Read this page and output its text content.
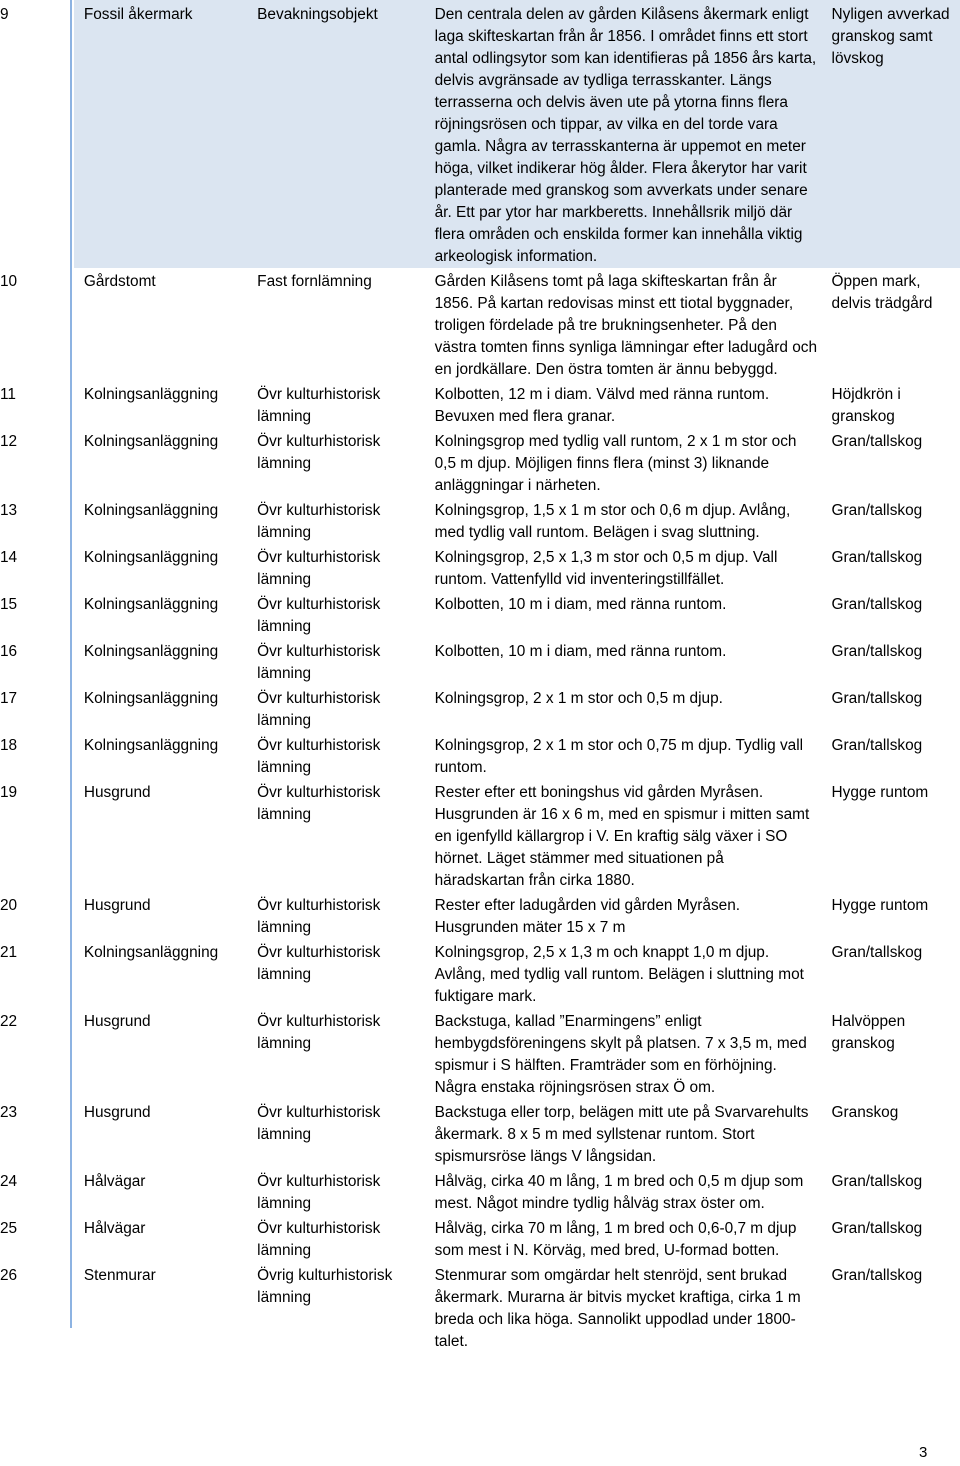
9	Fossil åkermark	Bevakningsobjekt	Den centrala delen av gården Kilåsens åkermark enligt laga skifteskartan från år 1856. I området finns ett stort antal odlingsytor som kan identifieras på 1856 års karta, delvis avgränsade av tydliga terrasskanter. Längs terrasserna och delvis även ute på ytorna finns flera röjningsrösen och tippar, av vilka en del torde vara gamla. Några av terrasskanterna är uppemot en meter höga, vilket indikerar hög ålder. Flera åkerytor har varit planterade med granskog som avverkats under senare år. Ett par ytor har markberetts. Innehållsrik miljö där flera områden och enskilda former kan innehålla viktig arkeologisk information.	Nyligen avverkad granskog samt lövskog
10	Gårdstomt	Fast fornlämning	Gården Kilåsens tomt på laga skifteskartan från år 1856. På kartan redovisas minst ett tiotal byggnader, troligen fördelade på tre brukningsenheter. På den västra tomten finns synliga lämningar efter ladugård och en jordkällare. Den östra tomten är ännu bebyggd.	Öppen mark, delvis trädgård
11	Kolningsanläggning	Övr kulturhistorisk lämning	Kolbotten, 12 m i diam. Välvd med ränna runtom. Bevuxen med flera granar.	Höjdkrön i granskog
12	Kolningsanläggning	Övr kulturhistorisk lämning	Kolningsgrop med tydlig vall runtom, 2 x 1 m stor och 0,5 m djup. Möjligen finns flera (minst 3) liknande anläggningar i närheten.	Gran/tallskog
13	Kolningsanläggning	Övr kulturhistorisk lämning	Kolningsgrop, 1,5 x 1 m stor och 0,6 m djup. Avlång, med tydlig vall runtom. Belägen i svag sluttning.	Gran/tallskog
14	Kolningsanläggning	Övr kulturhistorisk lämning	Kolningsgrop, 2,5 x 1,3 m stor och 0,5 m djup. Vall runtom. Vattenfylld vid inventeringstillfället.	Gran/tallskog
15	Kolningsanläggning	Övr kulturhistorisk lämning	Kolbotten, 10 m i diam, med ränna runtom.	Gran/tallskog
16	Kolningsanläggning	Övr kulturhistorisk lämning	Kolbotten, 10 m i diam, med ränna runtom.	Gran/tallskog
17	Kolningsanläggning	Övr kulturhistorisk lämning	Kolningsgrop, 2 x 1 m stor och 0,5 m djup.	Gran/tallskog
18	Kolningsanläggning	Övr kulturhistorisk lämning	Kolningsgrop, 2 x 1 m stor och 0,75 m djup. Tydlig vall runtom.	Gran/tallskog
19	Husgrund	Övr kulturhistorisk lämning	Rester efter ett boningshus vid gården Myråsen. Husgrunden är 16 x 6 m, med en spismur i mitten samt en igenfylld källargrop i V. En kraftig sälg växer i SO hörnet. Läget stämmer med situationen på häradskartan från cirka 1880.	Hygge runtom
20	Husgrund	Övr kulturhistorisk lämning	Rester efter ladugården vid gården Myråsen. Husgrunden mäter 15 x 7 m	Hygge runtom
21	Kolningsanläggning	Övr kulturhistorisk lämning	Kolningsgrop, 2,5 x 1,3 m och knappt 1,0 m djup. Avlång, med tydlig vall runtom. Belägen i sluttning mot fuktigare mark.	Gran/tallskog
22	Husgrund	Övr kulturhistorisk lämning	Backstuga, kallad ”Enarmingens” enligt hembygdsföreningens skylt på platsen. 7 x 3,5 m, med spismur i S hälften. Framträder som en förhöjning. Några enstaka röjningsrösen strax Ö om.	Halvöppen granskog
23	Husgrund	Övr kulturhistorisk lämning	Backstuga eller torp, belägen mitt ute på Svarvarehults åkermark. 8 x 5 m med syllstenar runtom. Stort spismursröse längs V långsidan.	Granskog
24	Hålvägar	Övr kulturhistorisk lämning	Hålväg, cirka 40 m lång, 1 m bred och 0,5 m djup som mest. Något mindre tydlig hålväg strax öster om.	Gran/tallskog
25	Hålvägar	Övr kulturhistorisk lämning	Hålväg, cirka 70 m lång, 1 m bred och 0,6-0,7 m djup som mest i N. Körväg, med bred, U-formad botten.	Gran/tallskog
26	Stenmurar	Övrig kulturhistorisk lämning	Stenmurar som omgärdar helt stenröjd, sent brukad åkermark. Murarna är bitvis mycket kraftiga, cirka 1 m breda och lika höga. Sannolikt uppodlad under 1800-talet.	Gran/tallskog
3
